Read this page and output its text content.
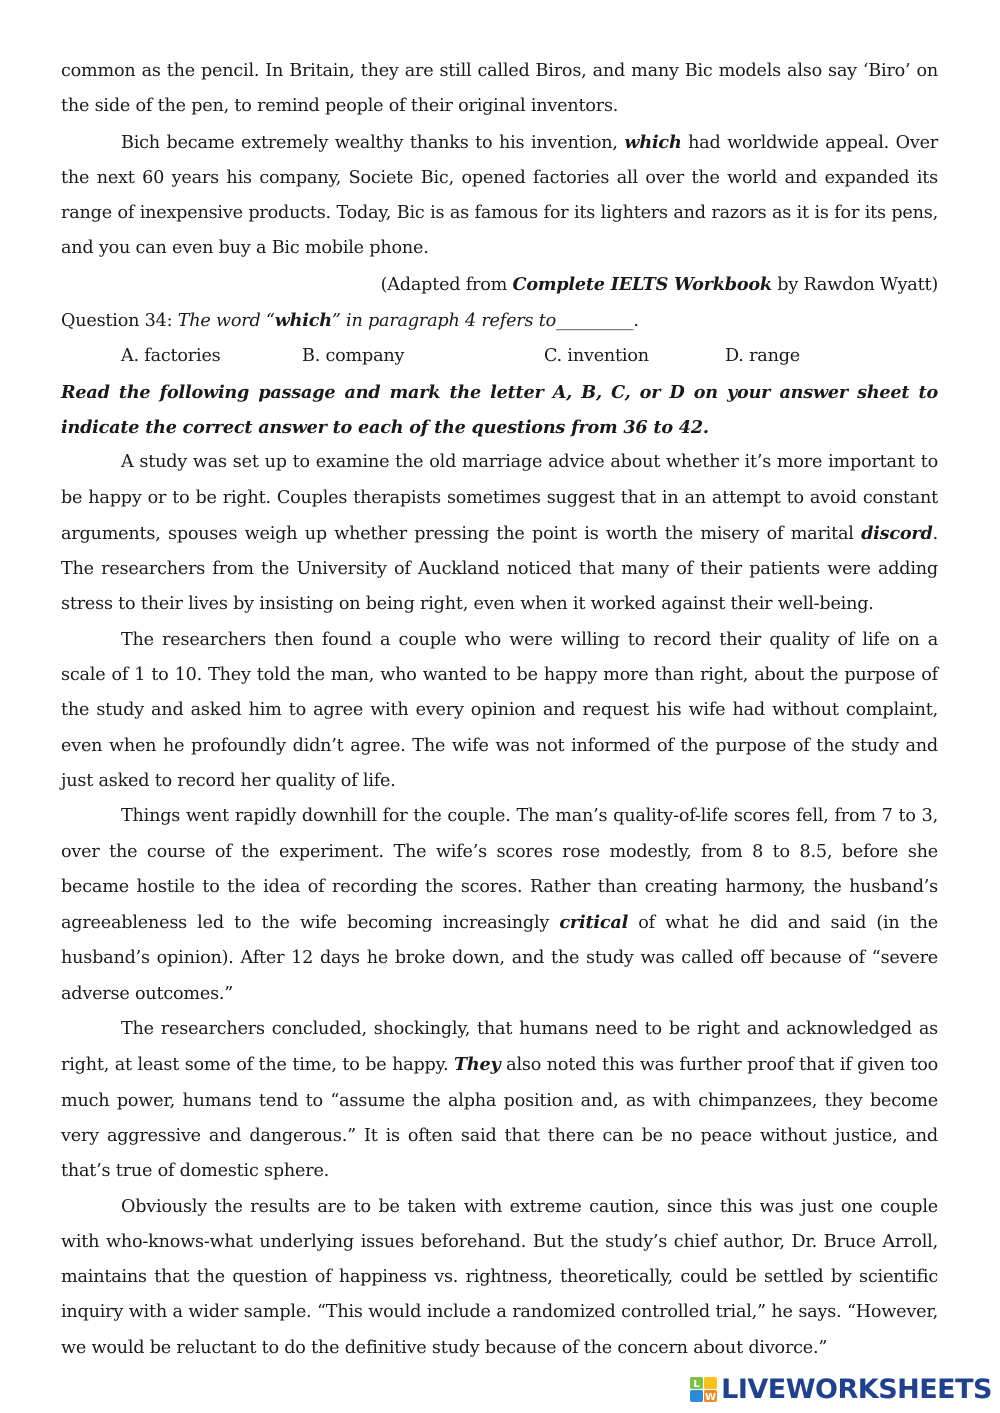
common as the pencil. In Britain, they are still called Biros, and many Bic models also say ‘Biro’ on the side of the pen, to remind people of their original inventors.

Bich became extremely wealthy thanks to his invention, which had worldwide appeal. Over the next 60 years his company, Societe Bic, opened factories all over the world and expanded its range of inexpensive products. Today, Bic is as famous for its lighters and razors as it is for its pens, and you can even buy a Bic mobile phone.

(Adapted from Complete IELTS Workbook by Rawdon Wyatt)

Question 34: The word “which” in paragraph 4 refers to_________.

A. factories	B. company	C. invention	D. range

Read the following passage and mark the letter A, B, C, or D on your answer sheet to indicate the correct answer to each of the questions from 36 to 42.

A study was set up to examine the old marriage advice about whether it’s more important to be happy or to be right. Couples therapists sometimes suggest that in an attempt to avoid constant arguments, spouses weigh up whether pressing the point is worth the misery of marital discord. The researchers from the University of Auckland noticed that many of their patients were adding stress to their lives by insisting on being right, even when it worked against their well-being.

The researchers then found a couple who were willing to record their quality of life on a scale of 1 to 10. They told the man, who wanted to be happy more than right, about the purpose of the study and asked him to agree with every opinion and request his wife had without complaint, even when he profoundly didn’t agree. The wife was not informed of the purpose of the study and just asked to record her quality of life.

Things went rapidly downhill for the couple. The man’s quality-of-life scores fell, from 7 to 3, over the course of the experiment. The wife’s scores rose modestly, from 8 to 8.5, before she became hostile to the idea of recording the scores. Rather than creating harmony, the husband’s agreeableness led to the wife becoming increasingly critical of what he did and said (in the husband’s opinion). After 12 days he broke down, and the study was called off because of “severe adverse outcomes.”

The researchers concluded, shockingly, that humans need to be right and acknowledged as right, at least some of the time, to be happy. They also noted this was further proof that if given too much power, humans tend to “assume the alpha position and, as with chimpanzees, they become very aggressive and dangerous.” It is often said that there can be no peace without justice, and that’s true of domestic sphere.

Obviously the results are to be taken with extreme caution, since this was just one couple with who-knows-what underlying issues beforehand. But the study’s chief author, Dr. Bruce Arroll, maintains that the question of happiness vs. rightness, theoretically, could be settled by scientific inquiry with a wider sample. “This would include a randomized controlled trial,” he says. “However, we would be reluctant to do the definitive study because of the concern about divorce.”

L
W LIVEWORKSHEETS
